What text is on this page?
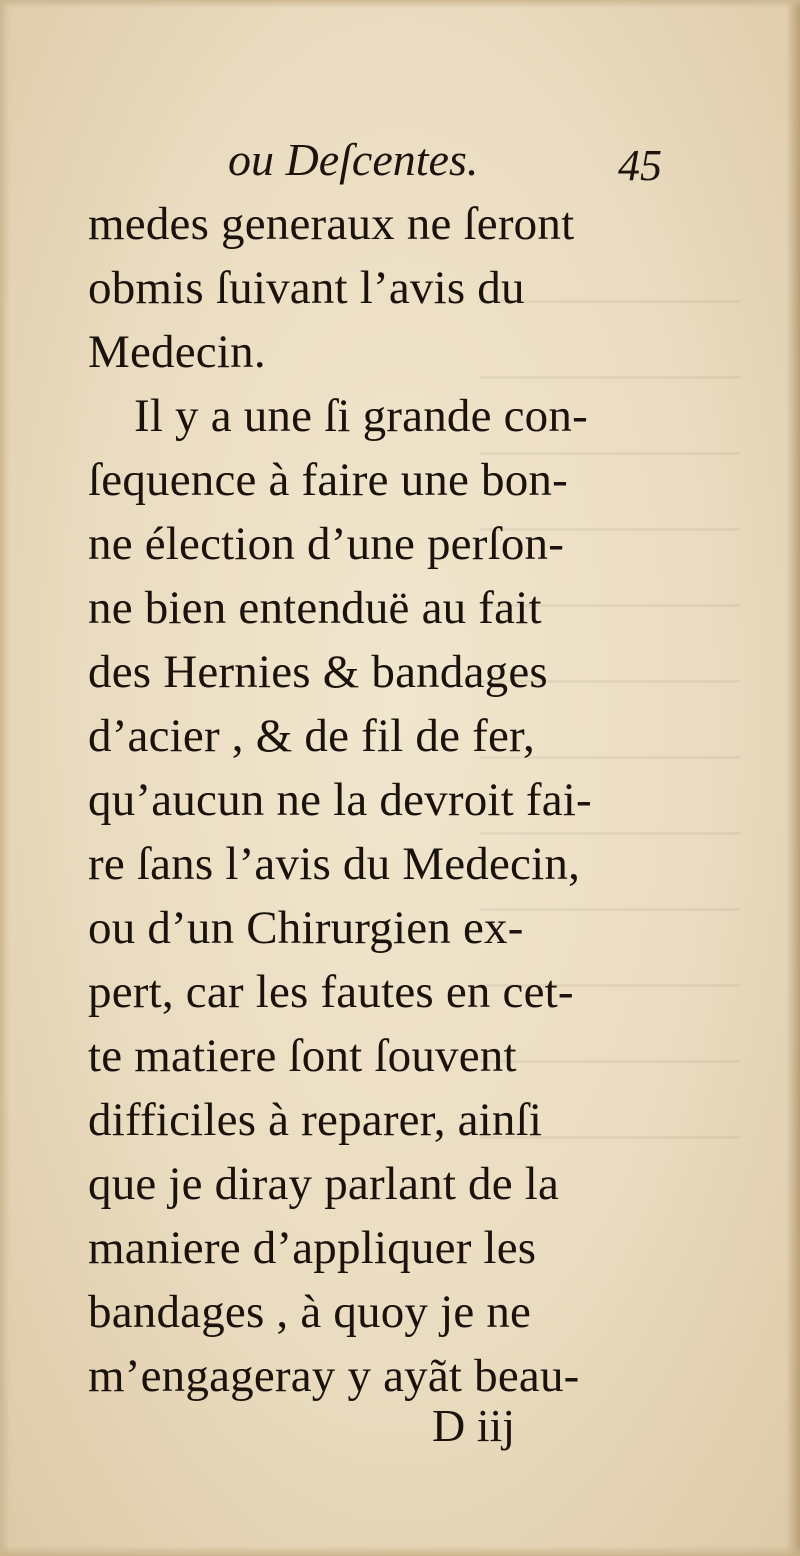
ou Deſcentes.	45
medes generaux ne ſeront
obmis ſuivant l’avis du
Medecin.
Il y a une ſi grande con-
ſequence à faire une bon-
ne élection d’une perſon-
ne bien entenduë au fait
des Hernies & bandages
d’acier , & de fil de fer,
qu’aucun ne la devroit fai-
re ſans l’avis du Medecin,
ou d’un Chirurgien ex-
pert, car les fautes en cet-
te matiere ſont ſouvent
difficiles à reparer, ainſi
que je diray parlant de la
maniere d’appliquer les
bandages , à quoy je ne
m’engageray y ayãt beau-
D iij
